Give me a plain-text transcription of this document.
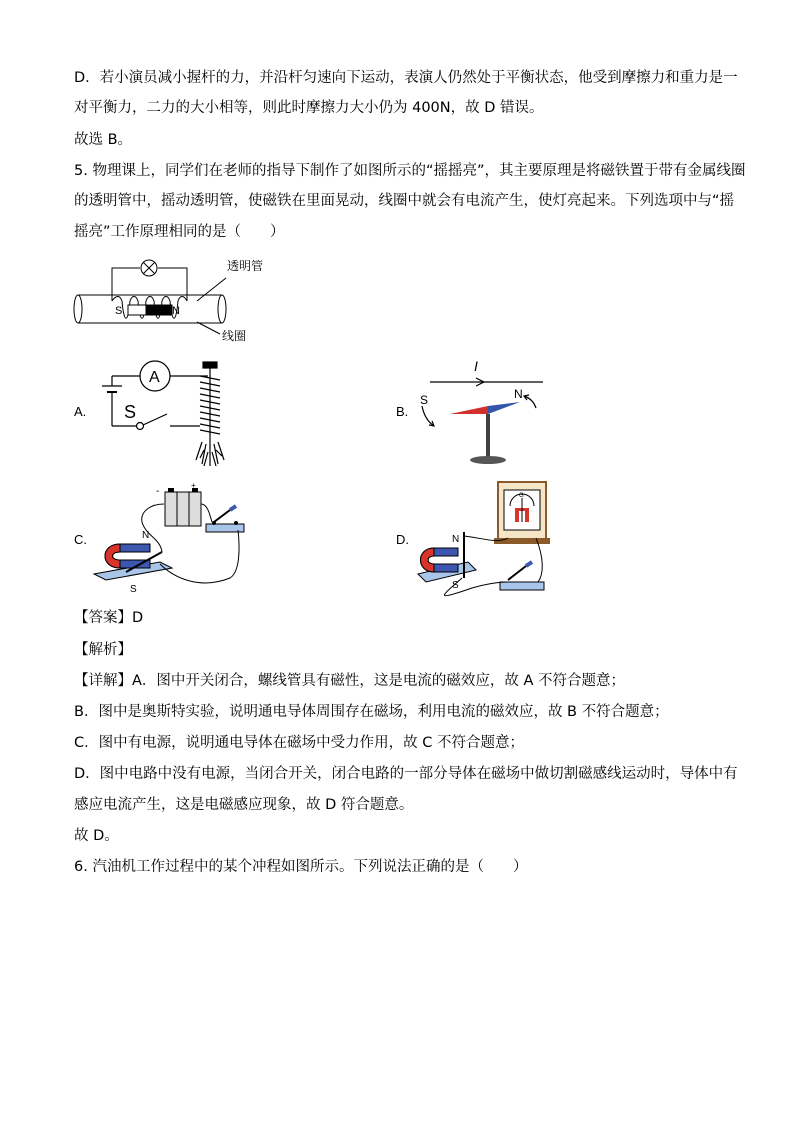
D．若小演员减小握杆的力，并沿杆匀速向下运动，表演人仍然处于平衡状态，他受到摩擦力和重力是一
对平衡力，二力的大小相等，则此时摩擦力大小仍为 400N，故 D 错误。
故选 B。
5. 物理课上，同学们在老师的指导下制作了如图所示的“摇摇亮”，其主要原理是将磁铁置于带有金属线圈
的透明管中，摇动透明管，使磁铁在里面晃动，线圈中就会有电流产生，使灯亮起来。下列选项中与“摇
摇亮”工作原理相同的是（　　）
S	N
透明管
线圈
A.
A
S	B.
I
S	N
C.
-
+
N
S
D.
G
N
S
【答案】D
【解析】
【详解】A．图中开关闭合，螺线管具有磁性，这是电流的磁效应，故 A 不符合题意；
B．图中是奥斯特实验，说明通电导体周围存在磁场，利用电流的磁效应，故 B 不符合题意；
C．图中有电源，说明通电导体在磁场中受力作用，故 C 不符合题意；
D．图中电路中没有电源，当闭合开关，闭合电路的一部分导体在磁场中做切割磁感线运动时，导体中有
感应电流产生，这是电磁感应现象，故 D 符合题意。
故 D。
6. 汽油机工作过程中的某个冲程如图所示。下列说法正确的是（　　）
